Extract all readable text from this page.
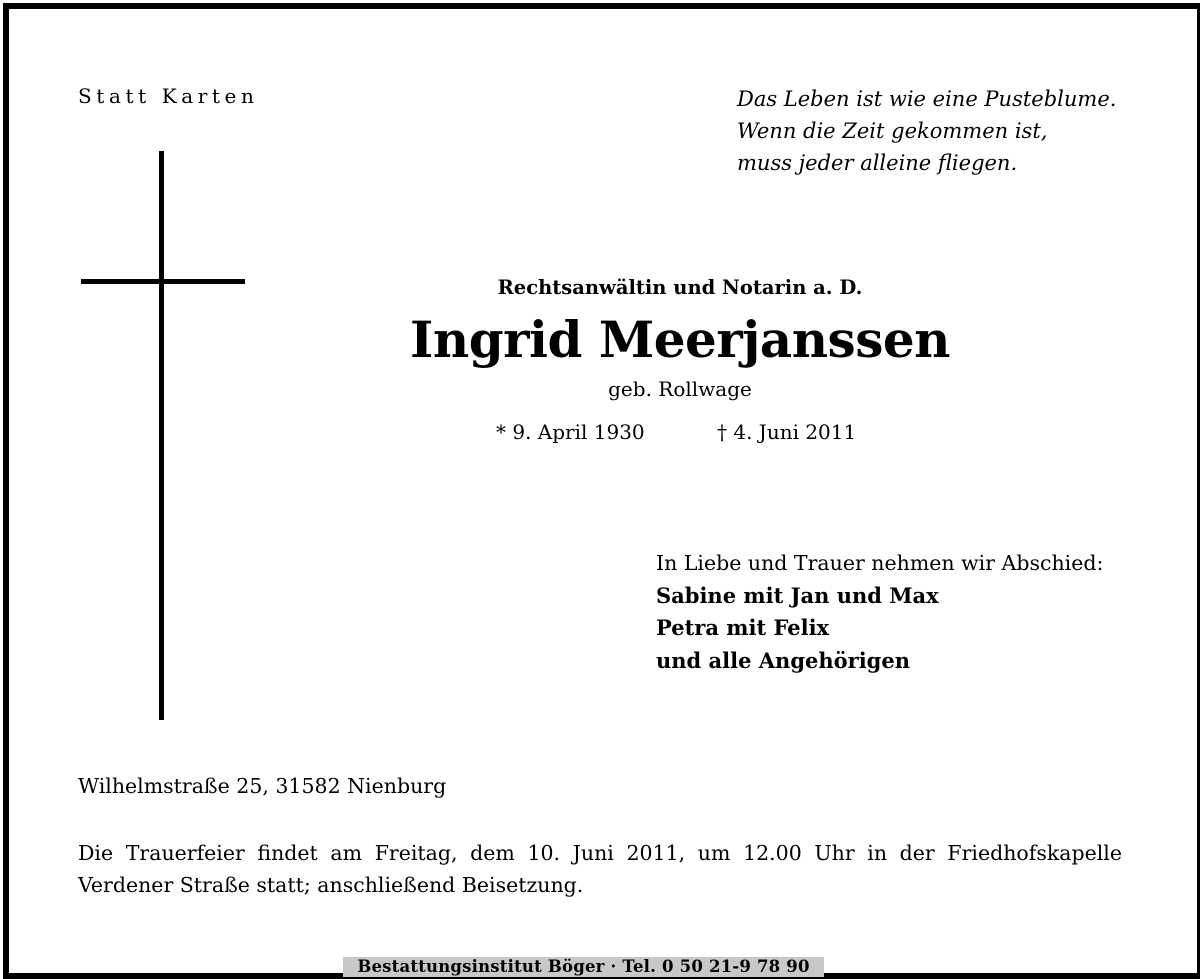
Statt Karten	Das Leben ist wie eine Pusteblume.
Wenn die Zeit gekommen ist,
muss jeder alleine fliegen.
Rechtsanwältin und Notarin a. D.
Ingrid Meerjanssen
geb. Rollwage
* 9. April 1930	† 4. Juni 2011
In Liebe und Trauer nehmen wir Abschied:
Sabine mit Jan und Max
Petra mit Felix
und alle Angehörigen
Wilhelmstraße 25, 31582 Nienburg
Die Trauerfeier findet am Freitag, dem 10. Juni 2011, um 12.00 Uhr in der Friedhofskapelle
Verdener Straße statt; anschließend Beisetzung.
Bestattungsinstitut Böger · Tel. 0 50 21-9 78 90
